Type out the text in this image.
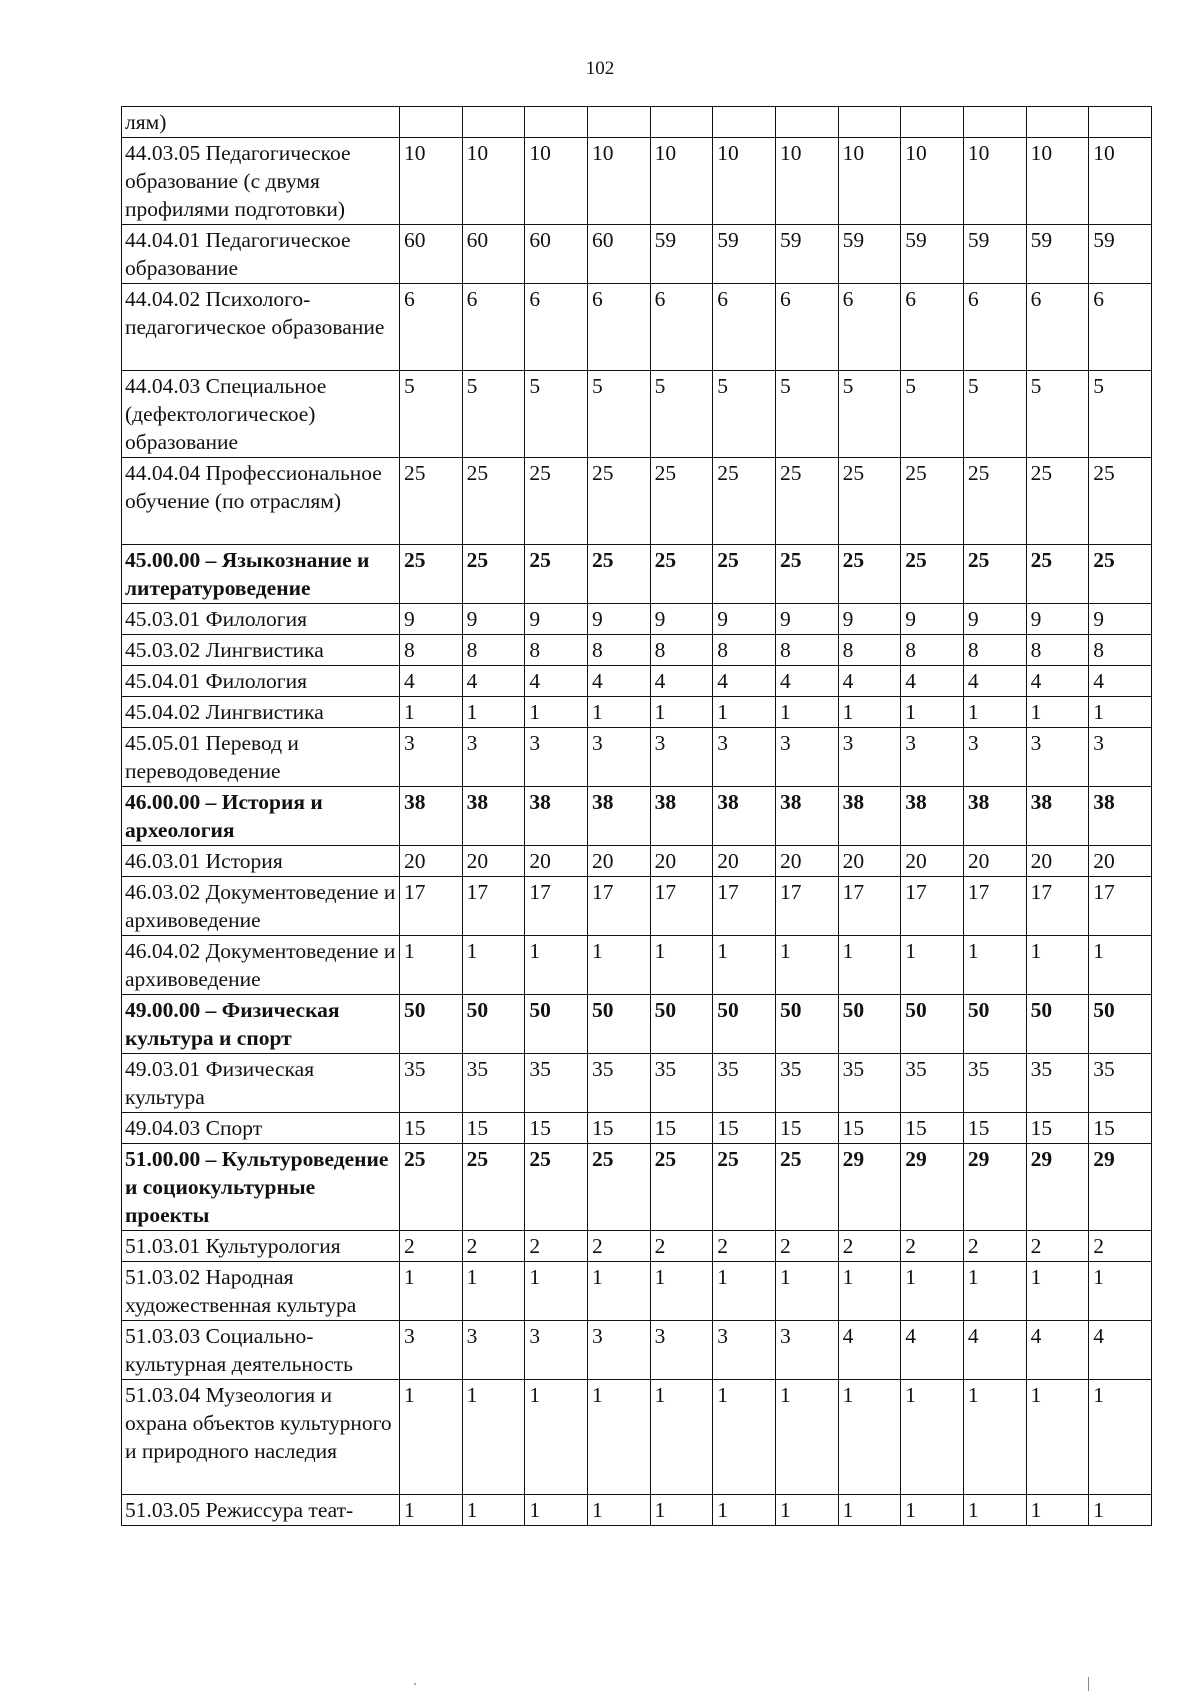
102
лям)												
44.03.05 Педагогическое образование (с двумя профилями подготовки)	10	10	10	10	10	10	10	10	10	10	10	10
44.04.01 Педагогическое образование	60	60	60	60	59	59	59	59	59	59	59	59
44.04.02 Психолого-педагогическое образование	6	6	6	6	6	6	6	6	6	6	6	6
44.04.03 Специальное (дефектологическое) образование	5	5	5	5	5	5	5	5	5	5	5	5
44.04.04 Профессиональное обучение (по отраслям)	25	25	25	25	25	25	25	25	25	25	25	25
45.00.00 – Языкознание и литературоведение	25	25	25	25	25	25	25	25	25	25	25	25
45.03.01 Филология	9	9	9	9	9	9	9	9	9	9	9	9
45.03.02 Лингвистика	8	8	8	8	8	8	8	8	8	8	8	8
45.04.01 Филология	4	4	4	4	4	4	4	4	4	4	4	4
45.04.02 Лингвистика	1	1	1	1	1	1	1	1	1	1	1	1
45.05.01 Перевод и переводоведение	3	3	3	3	3	3	3	3	3	3	3	3
46.00.00 – История и археология	38	38	38	38	38	38	38	38	38	38	38	38
46.03.01 История	20	20	20	20	20	20	20	20	20	20	20	20
46.03.02 Документоведение и архивоведение	17	17	17	17	17	17	17	17	17	17	17	17
46.04.02 Документоведение и архивоведение	1	1	1	1	1	1	1	1	1	1	1	1
49.00.00 – Физическая культура и спорт	50	50	50	50	50	50	50	50	50	50	50	50
49.03.01 Физическая культура	35	35	35	35	35	35	35	35	35	35	35	35
49.04.03 Спорт	15	15	15	15	15	15	15	15	15	15	15	15
51.00.00 – Культуроведение и социокультурные проекты	25	25	25	25	25	25	25	29	29	29	29	29
51.03.01 Культурология	2	2	2	2	2	2	2	2	2	2	2	2
51.03.02 Народная художественная культура	1	1	1	1	1	1	1	1	1	1	1	1
51.03.03 Социально-культурная деятельность	3	3	3	3	3	3	3	4	4	4	4	4
51.03.04 Музеология и охрана объектов культурного и природного наследия	1	1	1	1	1	1	1	1	1	1	1	1
51.03.05 Режиссура теат-	1	1	1	1	1	1	1	1	1	1	1	1
